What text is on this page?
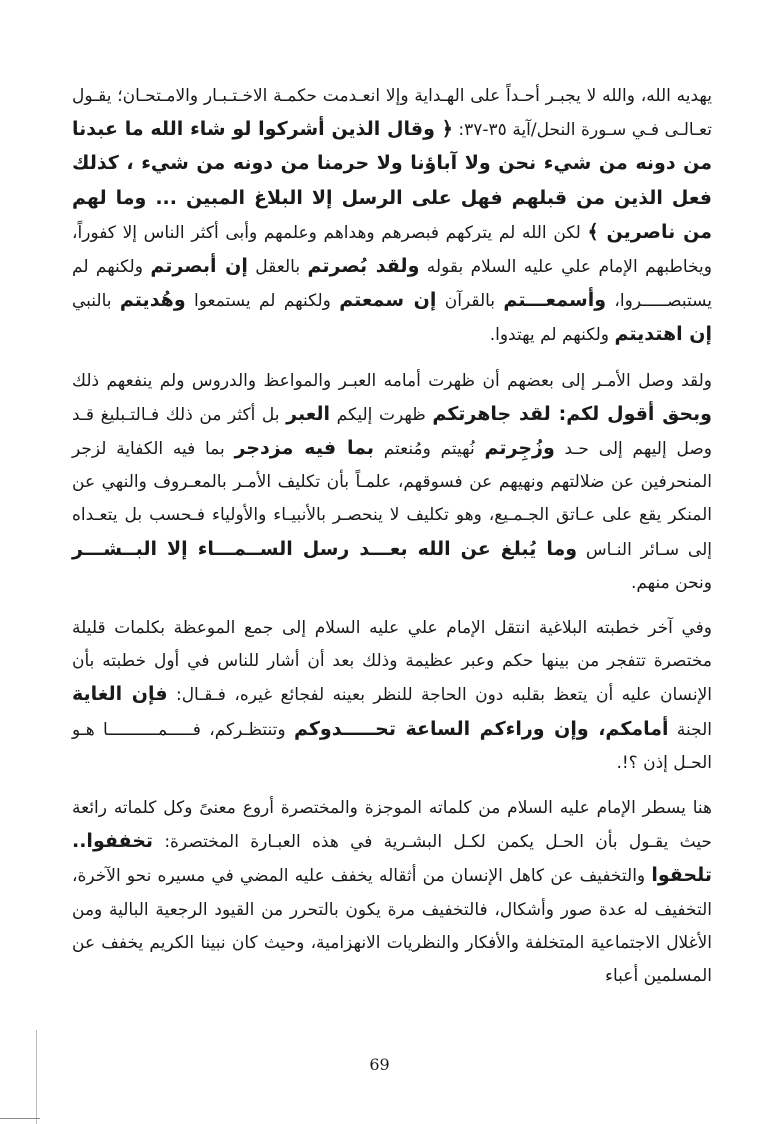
يهديه الله، والله لا يجبـر أحـداً على الهـداية وإلا انعـدمت حكمـة الاخـتـبـار والامـتحـان؛ يقـول تعـالـى فـي سـورة النحل/آية ٣٥-٣٧: ﴿ وقال الذين أشركوا لو شاء الله ما عبدنا من دونه من شيء نحن ولا آباؤنا ولا حرمنا من دونه من شيء ، كذلك فعل الذين من قبلهم فهل على الرسل إلا البلاغ المبين ... وما لهم من ناصرين ﴾ لكن الله لم يتركهم فبصرهم وهداهم وعلمهم وأبى أكثر الناس إلا كفوراً، ويخاطبهم الإمام علي عليه السلام بقوله ولقد بُصرتم بالعقل إن أبصرتم ولكنهم لم يستبصـــــروا، وأسمعـــتم بالقرآن إن سمعتم ولكنهم لم يستمعوا وهُديتم بالنبي إن اهتديتم ولكنهم لم يهتدوا.

ولقد وصل الأمـر إلى بعضهم أن ظهرت أمامه العبـر والمواعظ والدروس ولم ينفعهم ذلك وبحق أقول لكم: لقد جاهرتكم ظهرت إليكم العبر بل أكثر من ذلك فـالتـبليغ قـد وصل إليهم إلى حـد وزُجِرتم نُهيتم ومُنعتم بما فيه مزدجر بما فيه الكفاية لزجر المنحرفين عن ضلالتهم ونهيهم عن فسوقهم، علمـاً بأن تكليف الأمـر بالمعـروف والنهي عن المنكر يقع على عـاتق الجـمـيع، وهو تكليف لا ينحصـر بالأنبيـاء والأولياء فـحسب بل يتعـداه إلى سـائر النـاس وما يُبلغ عن الله بعـــد رسل الســمـــاء إلا البــشـــر ونحن منهم.

وفي آخر خطبته البلاغية انتقل الإمام علي عليه السلام إلى جمع الموعظة بكلمات قليلة مختصرة تتفجر من بينها حكم وعبر عظيمة وذلك بعد أن أشار للناس في أول خطبته بأن الإنسان عليه أن يتعظ بقلبه دون الحاجة للنظر بعينه لفجائع غيره، فـقـال: فإن الغاية الجنة أمامكم، وإن وراءكم الساعة تحـــــدوكم وتنتظـركم، فـــــمــــــــــا هـو الحـل إذن ؟!.

هنا يسطر الإمام عليه السلام من كلماته الموجزة والمختصرة أروع معنىً وكل كلماته رائعة حيث يقـول بأن الحـل يكمن لكـل البشـرية في هذه العبـارة المختصرة: تخففوا.. تلحقوا والتخفيف عن كاهل الإنسان من أثقاله يخفف عليه المضي في مسيره نحو الآخرة، التخفيف له عدة صور وأشكال، فالتخفيف مرة يكون بالتحرر من القيود الرجعية البالية ومن الأغلال الاجتماعية المتخلفة والأفكار والنظريات الانهزامية، وحيث كان نبينا الكريم يخفف عن المسلمين أعباء

69
